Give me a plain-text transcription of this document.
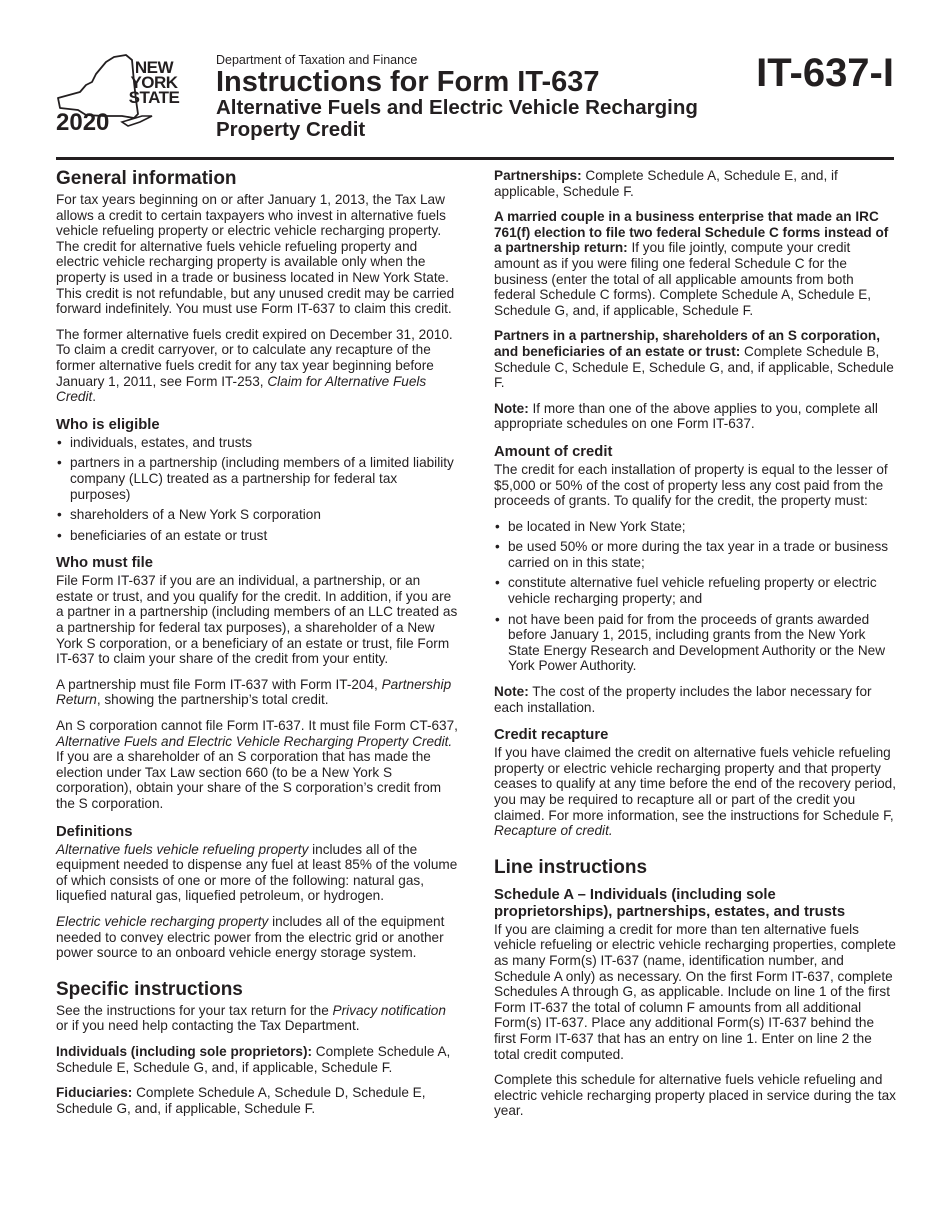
NEW
YORK
STATE
2020
Department of Taxation and Finance
Instructions for Form IT-637
Alternative Fuels and Electric Vehicle Recharging
Property Credit
IT-637-I
General information

For tax years beginning on or after January 1, 2013, the Tax Law allows a credit to certain taxpayers who invest in alternative fuels vehicle refueling property or electric vehicle recharging property. The credit for alternative fuels vehicle refueling property and electric vehicle recharging property is available only when the property is used in a trade or business located in New York State. This credit is not refundable, but any unused credit may be carried forward indefinitely. You must use Form IT-637 to claim this credit.

The former alternative fuels credit expired on December 31, 2010. To claim a credit carryover, or to calculate any recapture of the former alternative fuels credit for any tax year beginning before January 1, 2011, see Form IT-253, Claim for Alternative Fuels Credit.

Who is eligible
• individuals, estates, and trusts
• partners in a partnership (including members of a limited liability company (LLC) treated as a partnership for federal tax purposes)
• shareholders of a New York S corporation
• beneficiaries of an estate or trust
Who must file

File Form IT-637 if you are an individual, a partnership, or an estate or trust, and you qualify for the credit. In addition, if you are a partner in a partnership (including members of an LLC treated as a partnership for federal tax purposes), a shareholder of a New York S corporation, or a beneficiary of an estate or trust, file Form IT-637 to claim your share of the credit from your entity.

A partnership must file Form IT-637 with Form IT-204, Partnership Return, showing the partnership’s total credit.

An S corporation cannot file Form IT-637. It must file Form CT-637, Alternative Fuels and Electric Vehicle Recharging Property Credit. If you are a shareholder of an S corporation that has made the election under Tax Law section 660 (to be a New York S corporation), obtain your share of the S corporation’s credit from the S corporation.

Definitions

Alternative fuels vehicle refueling property includes all of the equipment needed to dispense any fuel at least 85% of the volume of which consists of one or more of the following: natural gas, liquefied natural gas, liquefied petroleum, or hydrogen.

Electric vehicle recharging property includes all of the equipment needed to convey electric power from the electric grid or another power source to an onboard vehicle energy storage system.

Specific instructions

See the instructions for your tax return for the Privacy notification or if you need help contacting the Tax Department.

Individuals (including sole proprietors): Complete Schedule A, Schedule E, Schedule G, and, if applicable, Schedule F.

Fiduciaries: Complete Schedule A, Schedule D, Schedule E, Schedule G, and, if applicable, Schedule F.

Partnerships: Complete Schedule A, Schedule E, and, if applicable, Schedule F.

A married couple in a business enterprise that made an IRC 761(f) election to file two federal Schedule C forms instead of a partnership return: If you file jointly, compute your credit amount as if you were filing one federal Schedule C for the business (enter the total of all applicable amounts from both federal Schedule C forms). Complete Schedule A, Schedule E, Schedule G, and, if applicable, Schedule F.

Partners in a partnership, shareholders of an S corporation, and beneficiaries of an estate or trust: Complete Schedule B, Schedule C, Schedule E, Schedule G, and, if applicable, Schedule F.

Note: If more than one of the above applies to you, complete all appropriate schedules on one Form IT-637.

Amount of credit

The credit for each installation of property is equal to the lesser of $5,000 or 50% of the cost of property less any cost paid from the proceeds of grants. To qualify for the credit, the property must:

• be located in New York State;
• be used 50% or more during the tax year in a trade or business carried on in this state;
• constitute alternative fuel vehicle refueling property or electric vehicle recharging property; and
• not have been paid for from the proceeds of grants awarded before January 1, 2015, including grants from the New York State Energy Research and Development Authority or the New York Power Authority.

Note: The cost of the property includes the labor necessary for each installation.

Credit recapture

If you have claimed the credit on alternative fuels vehicle refueling property or electric vehicle recharging property and that property ceases to qualify at any time before the end of the recovery period, you may be required to recapture all or part of the credit you claimed. For more information, see the instructions for Schedule F, Recapture of credit.

Line instructions
Schedule A – Individuals (including sole proprietorships), partnerships, estates, and trusts

If you are claiming a credit for more than ten alternative fuels vehicle refueling or electric vehicle recharging properties, complete as many Form(s) IT-637 (name, identification number, and Schedule A only) as necessary. On the first Form IT-637, complete Schedules A through G, as applicable. Include on line 1 of the first Form IT-637 the total of column F amounts from all additional Form(s) IT-637. Place any additional Form(s) IT-637 behind the first Form IT-637 that has an entry on line 1. Enter on line 2 the total credit computed.

Complete this schedule for alternative fuels vehicle refueling and electric vehicle recharging property placed in service during the tax year.
